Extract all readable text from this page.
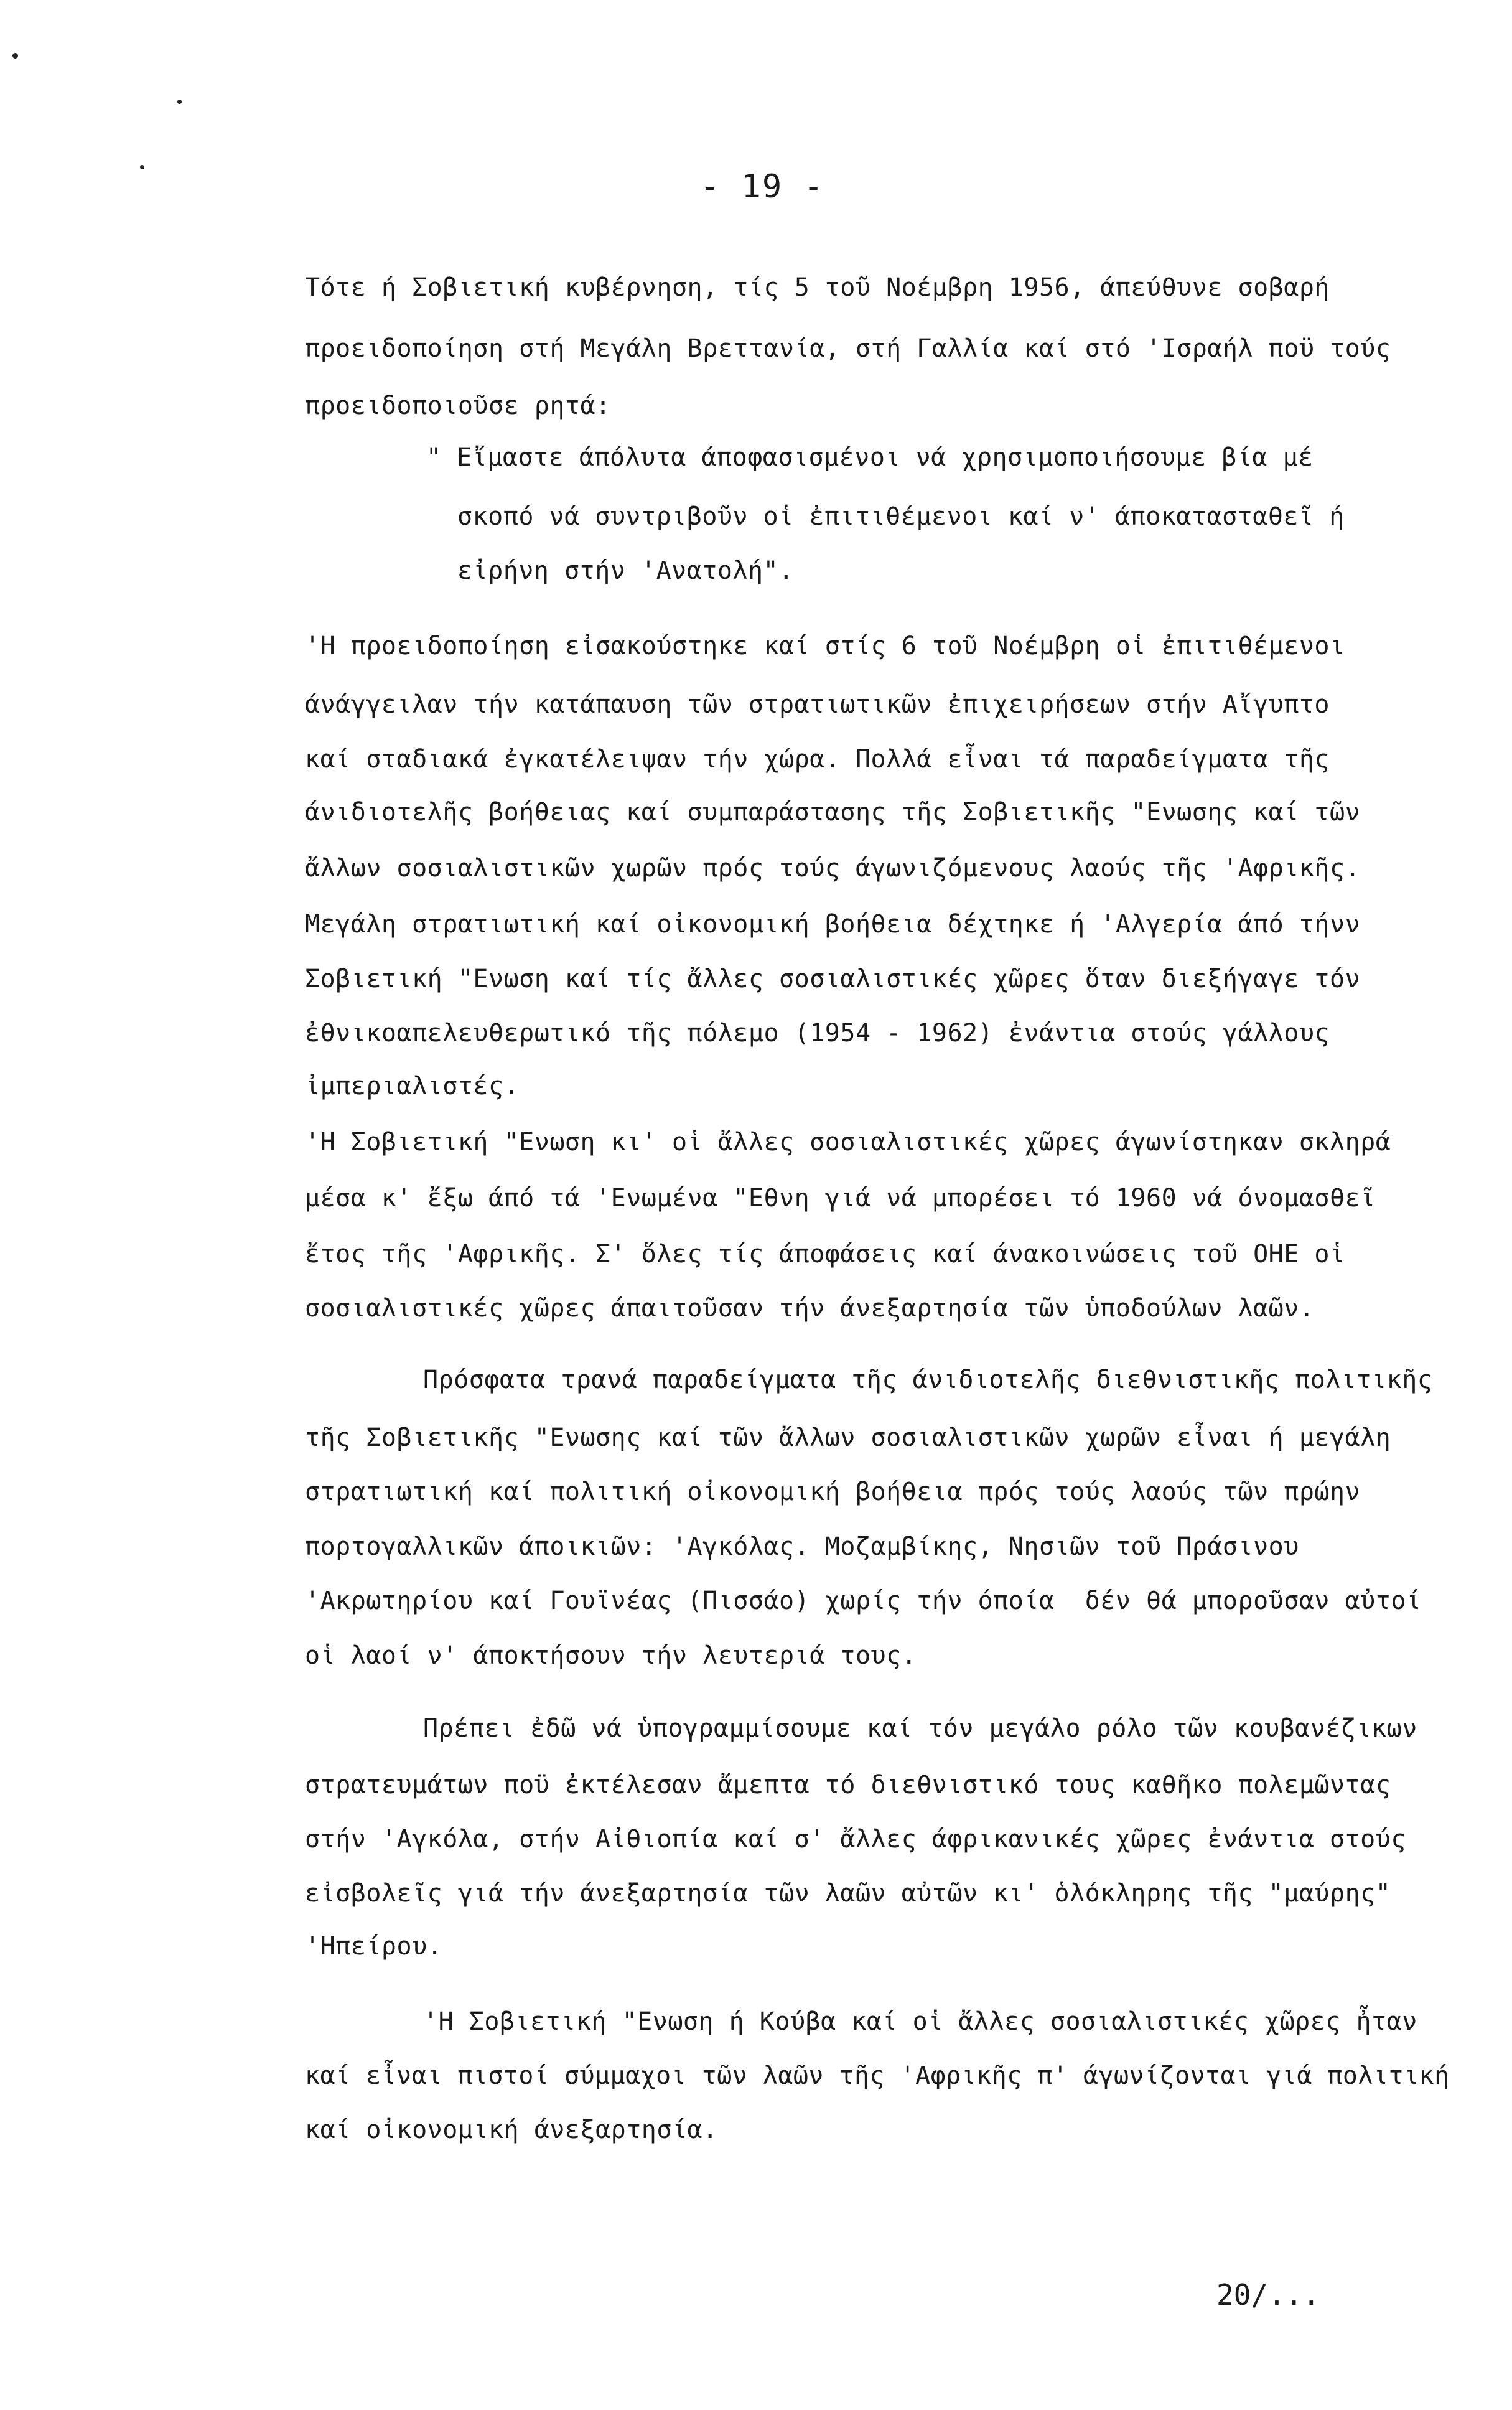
- 19 -
Τότε ή Σοβιετική κυβέρνηση, τίς 5 τοῦ Νοέμβρη 1956, άπεύθυνε σοβαρή
προειδοποίηση στή Μεγάλη Βρεττανία, στή Γαλλία καί στό 'Ισραήλ ποϋ τούς
προειδοποιοῦσε ρητά:
" Εἴμαστε άπόλυτα άποφασισμένοι νά χρησιμοποιήσουμε βία μέ
σκοπό νά συντριβοῦν οἱ ἐπιτιθέμενοι καί ν' άποκατασταθεῖ ή
εἰρήνη στήν 'Ανατολή".
'Η προειδοποίηση εἰσακούστηκε καί στίς 6 τοῦ Νοέμβρη οἱ ἐπιτιθέμενοι
άνάγγειλαν τήν κατάπαυση τῶν στρατιωτικῶν ἐπιχειρήσεων στήν Αἴγυπτο
καί σταδιακά ἐγκατέλειψαν τήν χώρα. Πολλά εἶναι τά παραδείγματα τῆς
άνιδιοτελῆς βοήθειας καί συμπαράστασης τῆς Σοβιετικῆς "Ενωσης καί τῶν
ἄλλων σοσιαλιστικῶν χωρῶν πρός τούς άγωνιζόμενους λαούς τῆς 'Αφρικῆς.
Μεγάλη στρατιωτική καί οἰκονομική βοήθεια δέχτηκε ή 'Αλγερία άπό τήνν
Σοβιετική "Ενωση καί τίς ἄλλες σοσιαλιστικές χῶρες ὅταν διεξήγαγε τόν
ἐθνικοαπελευθερωτικό τῆς πόλεμο (1954 - 1962) ἐνάντια στούς γάλλους
ἰμπεριαλιστές.
'Η Σοβιετική "Ενωση κι' οἱ ἄλλες σοσιαλιστικές χῶρες άγωνίστηκαν σκληρά
μέσα κ' ἔξω άπό τά 'Ενωμένα "Εθνη γιά νά μπορέσει τό 1960 νά όνομασθεῖ
ἔτος τῆς 'Αφρικῆς. Σ' ὅλες τίς άποφάσεις καί άνακοινώσεις τοῦ ΟΗΕ οἱ
σοσιαλιστικές χῶρες άπαιτοῦσαν τήν άνεξαρτησία τῶν ὑποδούλων λαῶν.
Πρόσφατα τρανά παραδείγματα τῆς άνιδιοτελῆς διεθνιστικῆς πολιτικῆς
τῆς Σοβιετικῆς "Ενωσης καί τῶν ἄλλων σοσιαλιστικῶν χωρῶν εἶναι ή μεγάλη
στρατιωτική καί πολιτική οἰκονομική βοήθεια πρός τούς λαούς τῶν πρώην
πορτογαλλικῶν άποικιῶν: 'Αγκόλας. Μοζαμβίκης, Νησιῶν τοῦ Πράσινου
'Ακρωτηρίου καί Γουϊνέας (Πισσάο) χωρίς τήν όποία  δέν θά μποροῦσαν αὐτοί
οἱ λαοί ν' άποκτήσουν τήν λευτεριά τους.
Πρέπει ἐδῶ νά ὑπογραμμίσουμε καί τόν μεγάλο ρόλο τῶν κουβανέζικων
στρατευμάτων ποϋ ἐκτέλεσαν ἄμεπτα τό διεθνιστικό τους καθῆκο πολεμῶντας
στήν 'Αγκόλα, στήν Αἰθιοπία καί σ' ἄλλες άφρικανικές χῶρες ἐνάντια στούς
εἰσβολεῖς γιά τήν άνεξαρτησία τῶν λαῶν αὐτῶν κι' ὁλόκληρης τῆς "μαύρης"
'Ηπείρου.
'Η Σοβιετική "Ενωση ή Κούβα καί οἱ ἄλλες σοσιαλιστικές χῶρες ἦταν
καί εἶναι πιστοί σύμμαχοι τῶν λαῶν τῆς 'Αφρικῆς π' άγωνίζονται γιά πολιτική
καί οἰκονομική άνεξαρτησία.
20/...
